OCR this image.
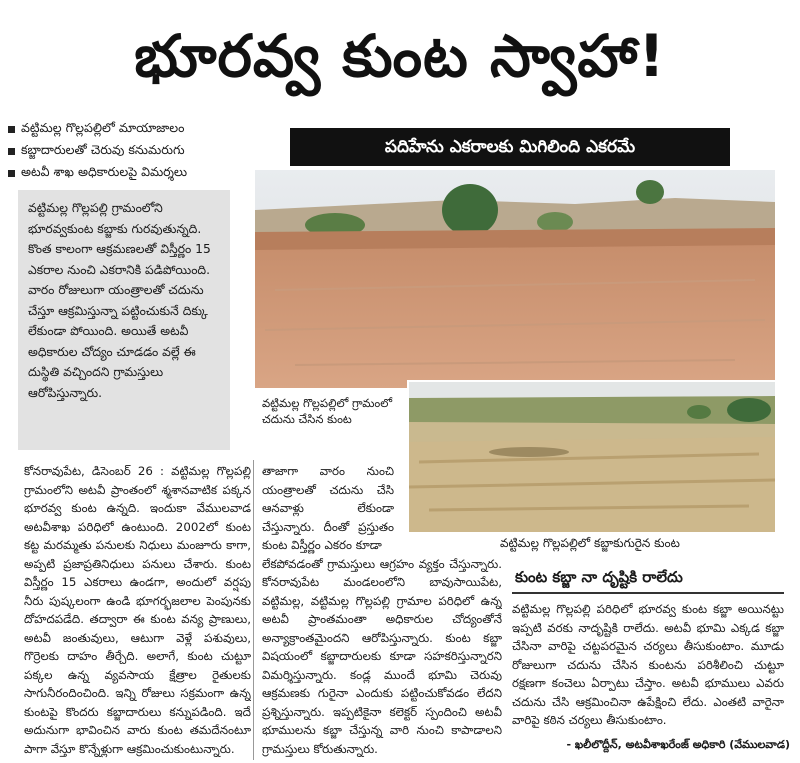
భూరవ్వ కుంట స్వాహా!
వట్టిమల్ల గొల్లపల్లిలో మాయాజాలం
కబ్జాదారులతో చెరువు కనుమరుగు
అటవీ శాఖ అధికారులపై విమర్శలు
వట్టిమల్ల గొల్లపల్లి గ్రామంలోని భూరవ్వకుంట కబ్జాకు గురవుతున్నది. కొంత కాలంగా ఆక్రమణలతో విస్తీర్ణం 15 ఎకరాల నుంచి ఎకరానికి పడిపోయింది. వారం రోజులుగా యంత్రాలతో చదును చేస్తూ ఆక్రమిస్తున్నా పట్టించుకునే దిక్కు లేకుండా పోయింది. అయితే అటవీ అధికారుల చోద్యం చూడడం వల్లే ఈ దుస్థితి వచ్చిందని గ్రామస్తులు ఆరోపిస్తున్నారు.
పదిహేను ఎకరాలకు మిగిలింది ఎకరమే
వట్టిమల్ల గొల్లపల్లిలో గ్రామంలో చదును చేసిన కుంట
వట్టిమల్ల గొల్లపల్లిలో కబ్జాకుగురైన కుంట
కోనరావుపేట, డిసెంబర్ 26 : వట్టిమల్ల గొల్లపల్లి గ్రామంలోని అటవీ ప్రాంతంలో శ్మశానవాటిక పక్కన భూరవ్వ కుంట ఉన్నది. ఇందుకా వేములవాడ అటవీశాఖ పరిధిలో ఉంటుంది. 2002లో కుంట కట్ట మరమ్మతు పనులకు నిధులు మంజూరు కాగా, అప్పటి ప్రజాప్రతినిధులు పనులు చేశారు. కుంట విస్తీర్ణం 15 ఎకరాలు ఉండగా, అందులో వర్షపు నీరు పుష్కలంగా ఉండి భూగర్భజలాల పెంపునకు దోహదపడేది. తద్వారా ఈ కుంట వన్య ప్రాణులు, అటవీ జంతువులు, ఆటుగా వెళ్లే పశువులు, గొర్రెలకు దాహం తీర్చేది. అలాగే, కుంట చుట్టూ పక్కల ఉన్న వ్యవసాయ క్షేత్రాల రైతులకు సాగునీరందించింది. ఇన్ని రోజులు సక్రమంగా ఉన్న కుంటపై కొందరు కబ్జాదారులు కన్నుపడింది. ఇదే అదునుగా భావించిన వారు కుంట తమదేనంటూ పాగా వేస్తూ కొన్నేళ్లుగా ఆక్రమించుకుంటున్నారు.
తాజాగా వారం నుంచి యంత్రాలతో చదును చేసి ఆనవాళ్లు లేకుండా చేస్తున్నారు. దీంతో ప్రస్తుతం కుంట విస్తీర్ణం ఎకరం కూడా
లేకపోవడంతో గ్రామస్తులు ఆగ్రహం వ్యక్తం చేస్తున్నారు. కోనరావుపేట మండలంలోని బావుసాయిపేట, వట్టిమల్ల, వట్టిమల్ల గొల్లపల్లి గ్రామాల పరిధిలో ఉన్న అటవీ ప్రాంతమంతా అధికారుల చోద్యంతోనే అన్యాక్రాంతమైందని ఆరోపిస్తున్నారు. కుంట కబ్జా విషయంలో కబ్జాదారులకు కూడా సహకరిస్తున్నారని విమర్శిస్తున్నారు. కండ్ల ముందే భూమి చెరువు ఆక్రమణకు గురైనా ఎందుకు పట్టించుకోవడం లేదని ప్రశ్నిస్తున్నారు. ఇప్పటికైనా కలెక్టర్ స్పందించి అటవీ భూములను కబ్జా చేస్తున్న వారి నుంచి కాపాడాలని గ్రామస్తులు కోరుతున్నారు.
కుంట కబ్జా నా దృష్టికి రాలేదు
వట్టిమల్ల గొల్లపల్లి పరిధిలో భూరవ్వ కుంట కబ్జా అయినట్టు ఇప్పటి వరకు నాదృష్టికి రాలేదు. అటవీ భూమి ఎక్కడ కబ్జా చేసినా వారిపై చట్టపరమైన చర్యలు తీసుకుంటాం. మూడు రోజులుగా చదును చేసిన కుంటను పరిశీలించి చుట్టూ రక్షణగా కంచెలు ఏర్పాటు చేస్తాం. అటవీ భూములు ఎవరు చదును చేసి ఆక్రమించినా ఉపేక్షించి లేదు. ఎంతటి వారైనా వారిపై కఠిన చర్యలు తీసుకుంటాం.
- ఖలీలొద్దీన్, అటవీశాఖరేంజ్ అధికారి (వేములవాడ)
